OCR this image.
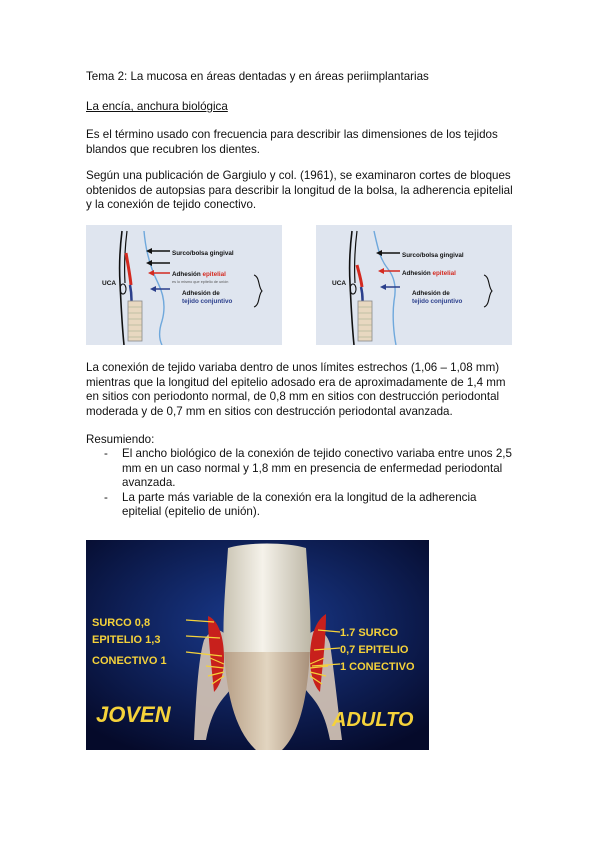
Tema 2: La mucosa en áreas dentadas y en áreas periimplantarias

La encía, anchura biológica

Es el término usado con frecuencia para describir las dimensiones de los tejidos blandos que recubren los dientes.

Según una publicación de Gargiulo y col. (1961), se examinaron cortes de bloques obtenidos de autopsias para describir la longitud de la bolsa, la adherencia epitelial y la conexión de tejido conectivo.

UCA
Surco/bolsa gingival
Adhesión epitelial
es lo mismo que epitelio de unión
Adhesión de
tejido conjuntivo
UCA
Surco/bolsa gingival
Adhesión epitelial
Adhesión de
tejido conjuntivo

La conexión de tejido variaba dentro de unos límites estrechos (1,06 – 1,08 mm) mientras que la longitud del epitelio adosado era de aproximadamente de 1,4 mm en sitios con periodonto normal, de 0,8 mm en sitios con destrucción periodontal moderada y de 0,7 mm en sitios con destrucción periodontal avanzada.

Resumiendo:

- El ancho biológico de la conexión de tejido conectivo variaba entre unos 2,5 mm en un caso normal y 1,8 mm en presencia de enfermedad periodontal avanzada.
- La parte más variable de la conexión era la longitud de la adherencia epitelial (epitelio de unión).
SURCO 0,8
EPITELIO 1,3
CONECTIVO 1
1.7 SURCO
0,7 EPITELIO
1 CONECTIVO
JOVEN	ADULTO
